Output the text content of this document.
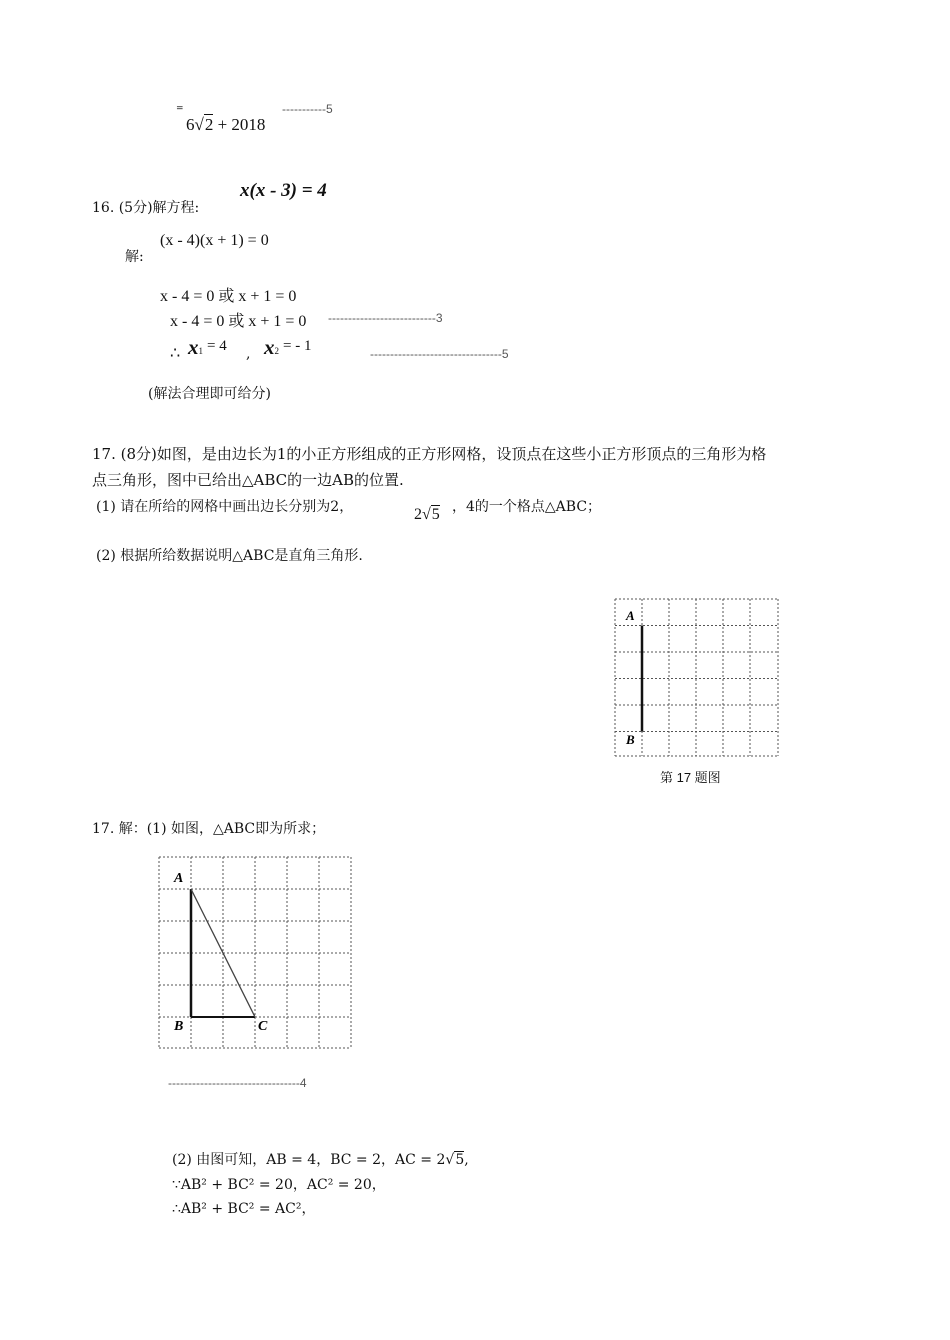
=
6√2 + 2018
-----------5
16. (5分)解方程:
x(x - 3) = 4
解:
(x - 4)(x + 1) = 0
x - 4 = 0 或 x + 1 = 0
x - 4 = 0 或 x + 1 = 0 ---------------------------3
∴ x1 = 4 , x2 = - 1	---------------------------------5
(解法合理即可给分)
17. (8分)如图，是由边长为1的小正方形组成的正方形网格，设顶点在这些小正方形顶点的三角形为格
点三角形，图中已给出△ABC的一边AB的位置.
(1) 请在所给的网格中画出边长分别为2，	2√5 ，4的一个格点△ABC；
(2) 根据所给数据说明△ABC是直角三角形.
A
B
第 17 题图
17. 解：(1) 如图，△ABC即为所求；
A
B	C
---------------------------------4
(2) 由图可知，AB = 4，BC = 2，AC = 2√5,
∵AB² + BC² = 20，AC² = 20，
∴AB² + BC² = AC²，
